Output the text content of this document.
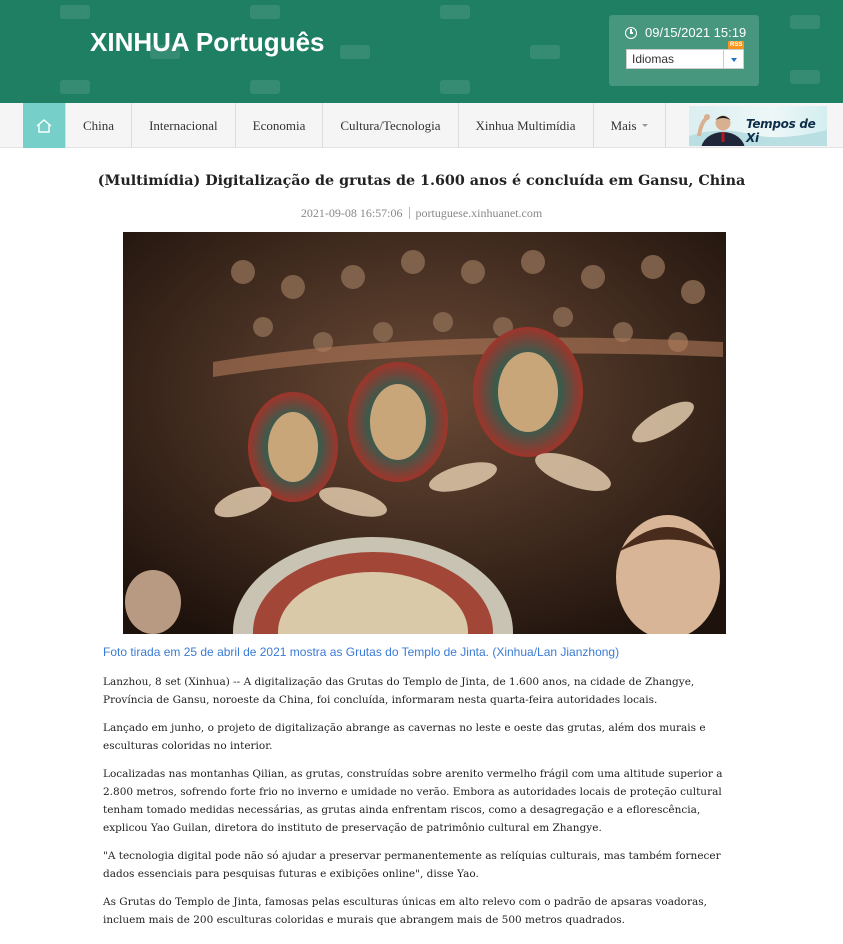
XINHUA Português	09/15/2021 15:19
Idiomas
RSS
China	Internacional	Economia	Cultura/Tecnologia	Xinhua Multimídia	Mais	Tempos de Xi
(Multimídia) Digitalização de grutas de 1.600 anos é concluída em Gansu, China
2021-09-08 16:57:06 portuguese.xinhuanet.com
Foto tirada em 25 de abril de 2021 mostra as Grutas do Templo de Jinta. (Xinhua/Lan Jianzhong)

Lanzhou, 8 set (Xinhua) -- A digitalização das Grutas do Templo de Jinta, de 1.600 anos, na cidade de Zhangye, Província de Gansu, noroeste da China, foi concluída, informaram nesta quarta-feira autoridades locais.

Lançado em junho, o projeto de digitalização abrange as cavernas no leste e oeste das grutas, além dos murais e esculturas coloridas no interior.

Localizadas nas montanhas Qilian, as grutas, construídas sobre arenito vermelho frágil com uma altitude superior a 2.800 metros, sofrendo forte frio no inverno e umidade no verão. Embora as autoridades locais de proteção cultural tenham tomado medidas necessárias, as grutas ainda enfrentam riscos, como a desagregação e a eflorescência, explicou Yao Guilan, diretora do instituto de preservação de patrimônio cultural em Zhangye.

"A tecnologia digital pode não só ajudar a preservar permanentemente as relíquias culturais, mas também fornecer dados essenciais para pesquisas futuras e exibições online", disse Yao.

As Grutas do Templo de Jinta, famosas pelas esculturas únicas em alto relevo com o padrão de apsaras voadoras, incluem mais de 200 esculturas coloridas e murais que abrangem mais de 500 metros quadrados.
